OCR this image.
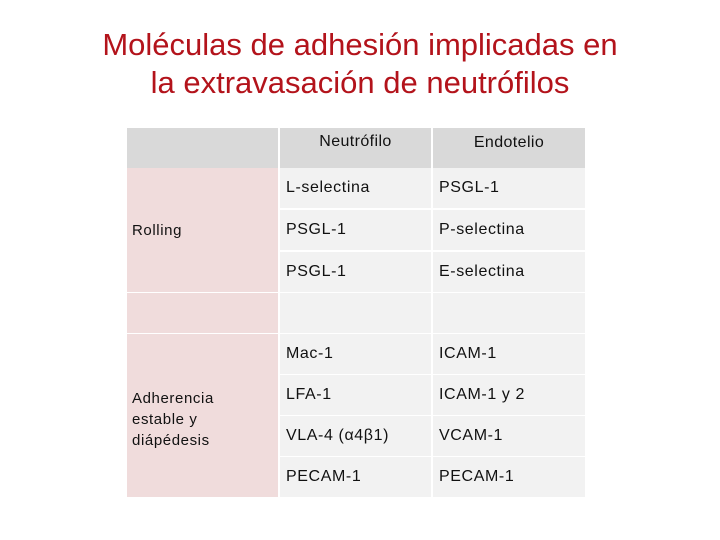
Moléculas de adhesión implicadas en
la extravasación de neutrófilos
Neutrófilo	Endotelio
Rolling
L-selectina	PSGL-1
PSGL-1	P-selectina
PSGL-1	E-selectina
Adherencia
estable y
diápédesis
Mac-1	ICAM-1
LFA-1	ICAM-1 y 2
VLA-4 (α4β1)	VCAM-1
PECAM-1	PECAM-1
